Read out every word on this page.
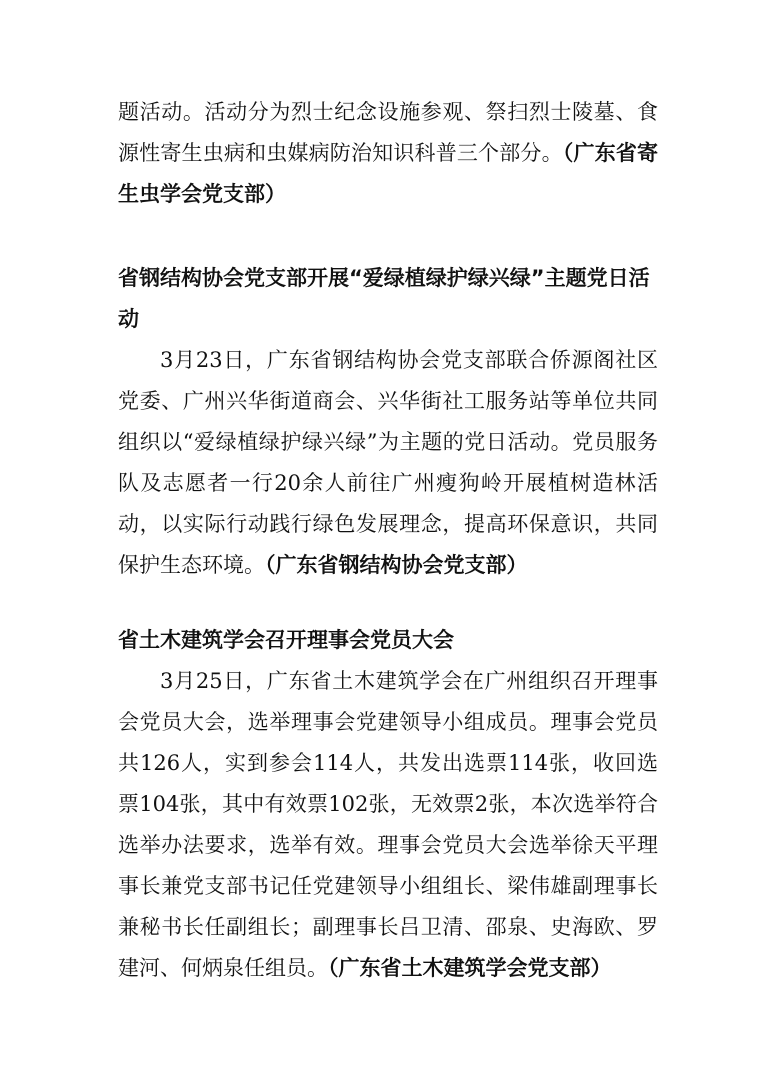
题活动。活动分为烈士纪念设施参观、祭扫烈士陵墓、食源性寄生虫病和虫媒病防治知识科普三个部分。（广东省寄生虫学会党支部）

省钢结构协会党支部开展“爱绿植绿护绿兴绿”主题党日活动

3月23日，广东省钢结构协会党支部联合侨源阁社区党委、广州兴华街道商会、兴华街社工服务站等单位共同组织以“爱绿植绿护绿兴绿”为主题的党日活动。党员服务队及志愿者一行20余人前往广州瘦狗岭开展植树造林活动，以实际行动践行绿色发展理念，提高环保意识，共同保护生态环境。（广东省钢结构协会党支部）

省土木建筑学会召开理事会党员大会

3月25日，广东省土木建筑学会在广州组织召开理事会党员大会，选举理事会党建领导小组成员。理事会党员共126人，实到参会114人，共发出选票114张，收回选票104张，其中有效票102张，无效票2张，本次选举符合选举办法要求，选举有效。理事会党员大会选举徐天平理事长兼党支部书记任党建领导小组组长、梁伟雄副理事长兼秘书长任副组长；副理事长吕卫清、邵泉、史海欧、罗建河、何炳泉任组员。（广东省土木建筑学会党支部）
